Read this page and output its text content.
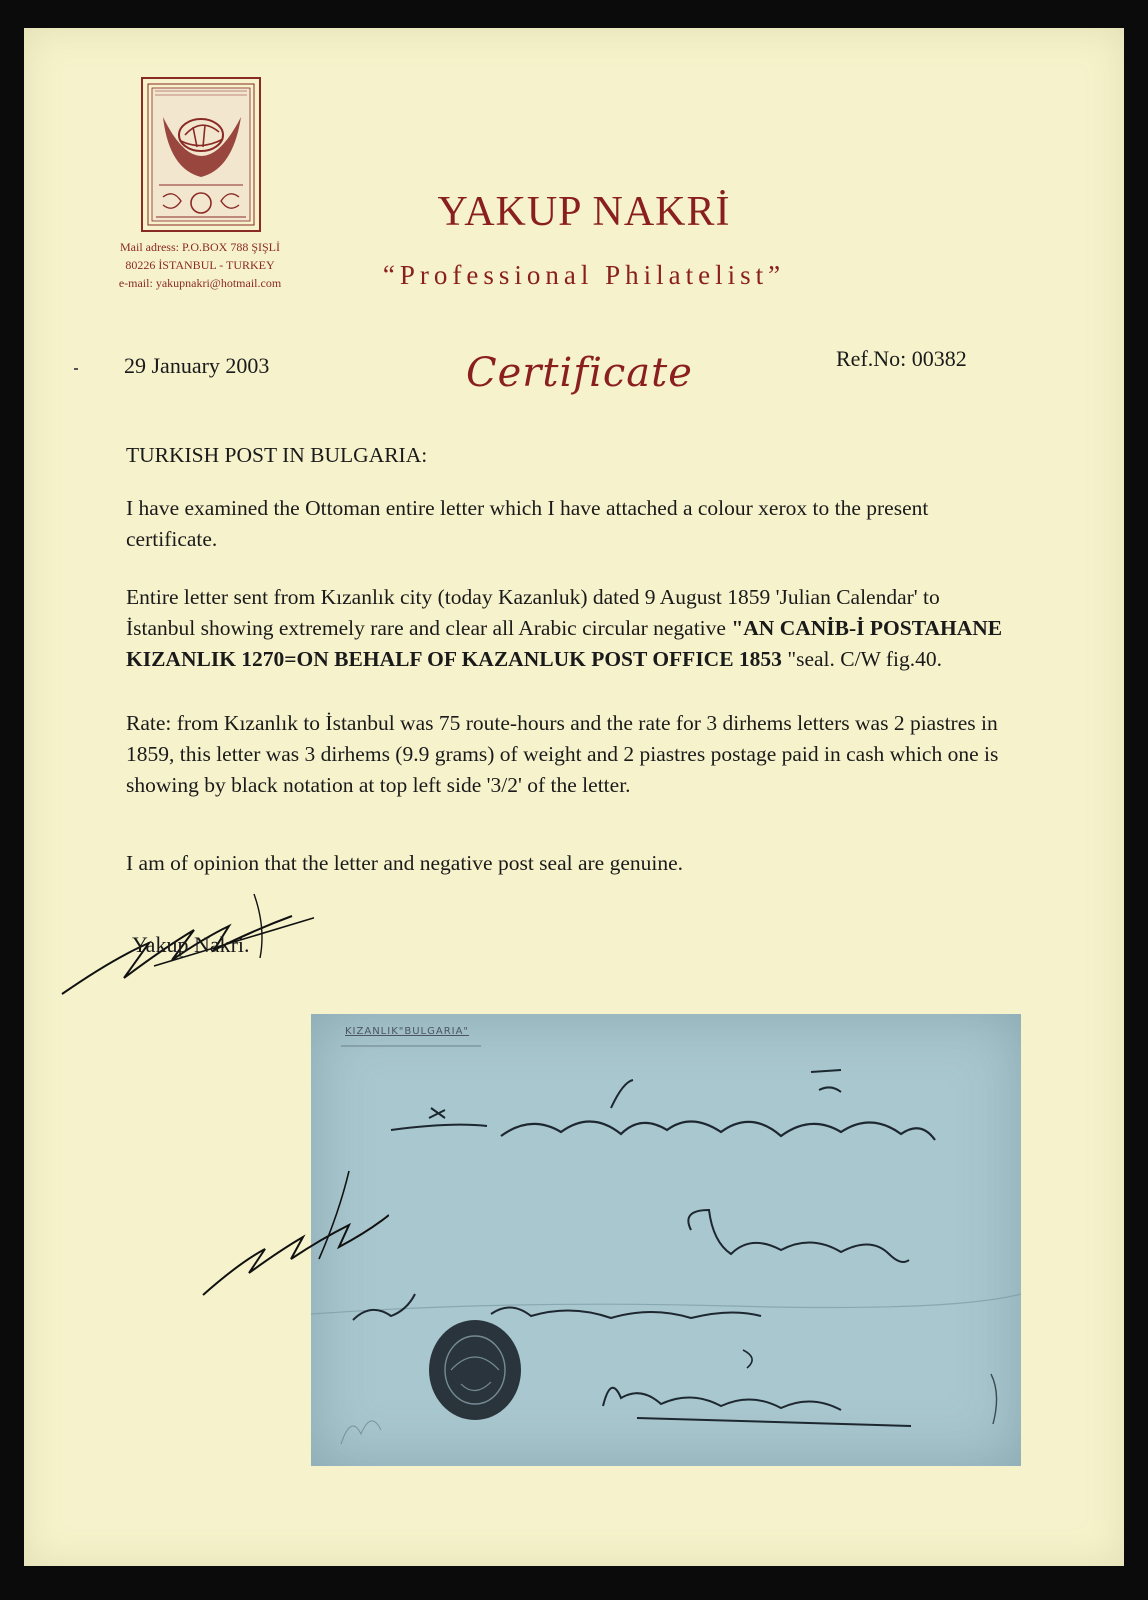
Mail adress: P.O.BOX 788 ŞIŞLİ
80226 İSTANBUL - TURKEY
e-mail: yakupnakri@hotmail.com
YAKUP NAKRİ
“Professional Philatelist”
29 January 2003	Certificate	Ref.No: 00382
TURKISH POST IN BULGARIA:
I have examined the Ottoman entire letter which I have attached a colour xerox to the present certificate.
Entire letter sent from Kızanlık city (today Kazanluk) dated 9 August 1859 'Julian Calendar' to İstanbul showing extremely rare and clear all Arabic circular negative "AN CANİB-İ POSTAHANE KIZANLIK 1270=ON BEHALF OF KAZANLUK POST OFFICE 1853 "seal. C/W fig.40.
Rate: from Kızanlık to İstanbul was 75 route-hours and the rate for 3 dirhems letters was 2 piastres in 1859, this letter was 3 dirhems (9.9 grams) of weight and 2 piastres postage paid in cash which one is showing by black notation at top left side '3/2' of the letter.
I am of opinion that the letter and negative post seal are genuine.
Yakup Nakri.
KIZANLIK"BULGARIA"
